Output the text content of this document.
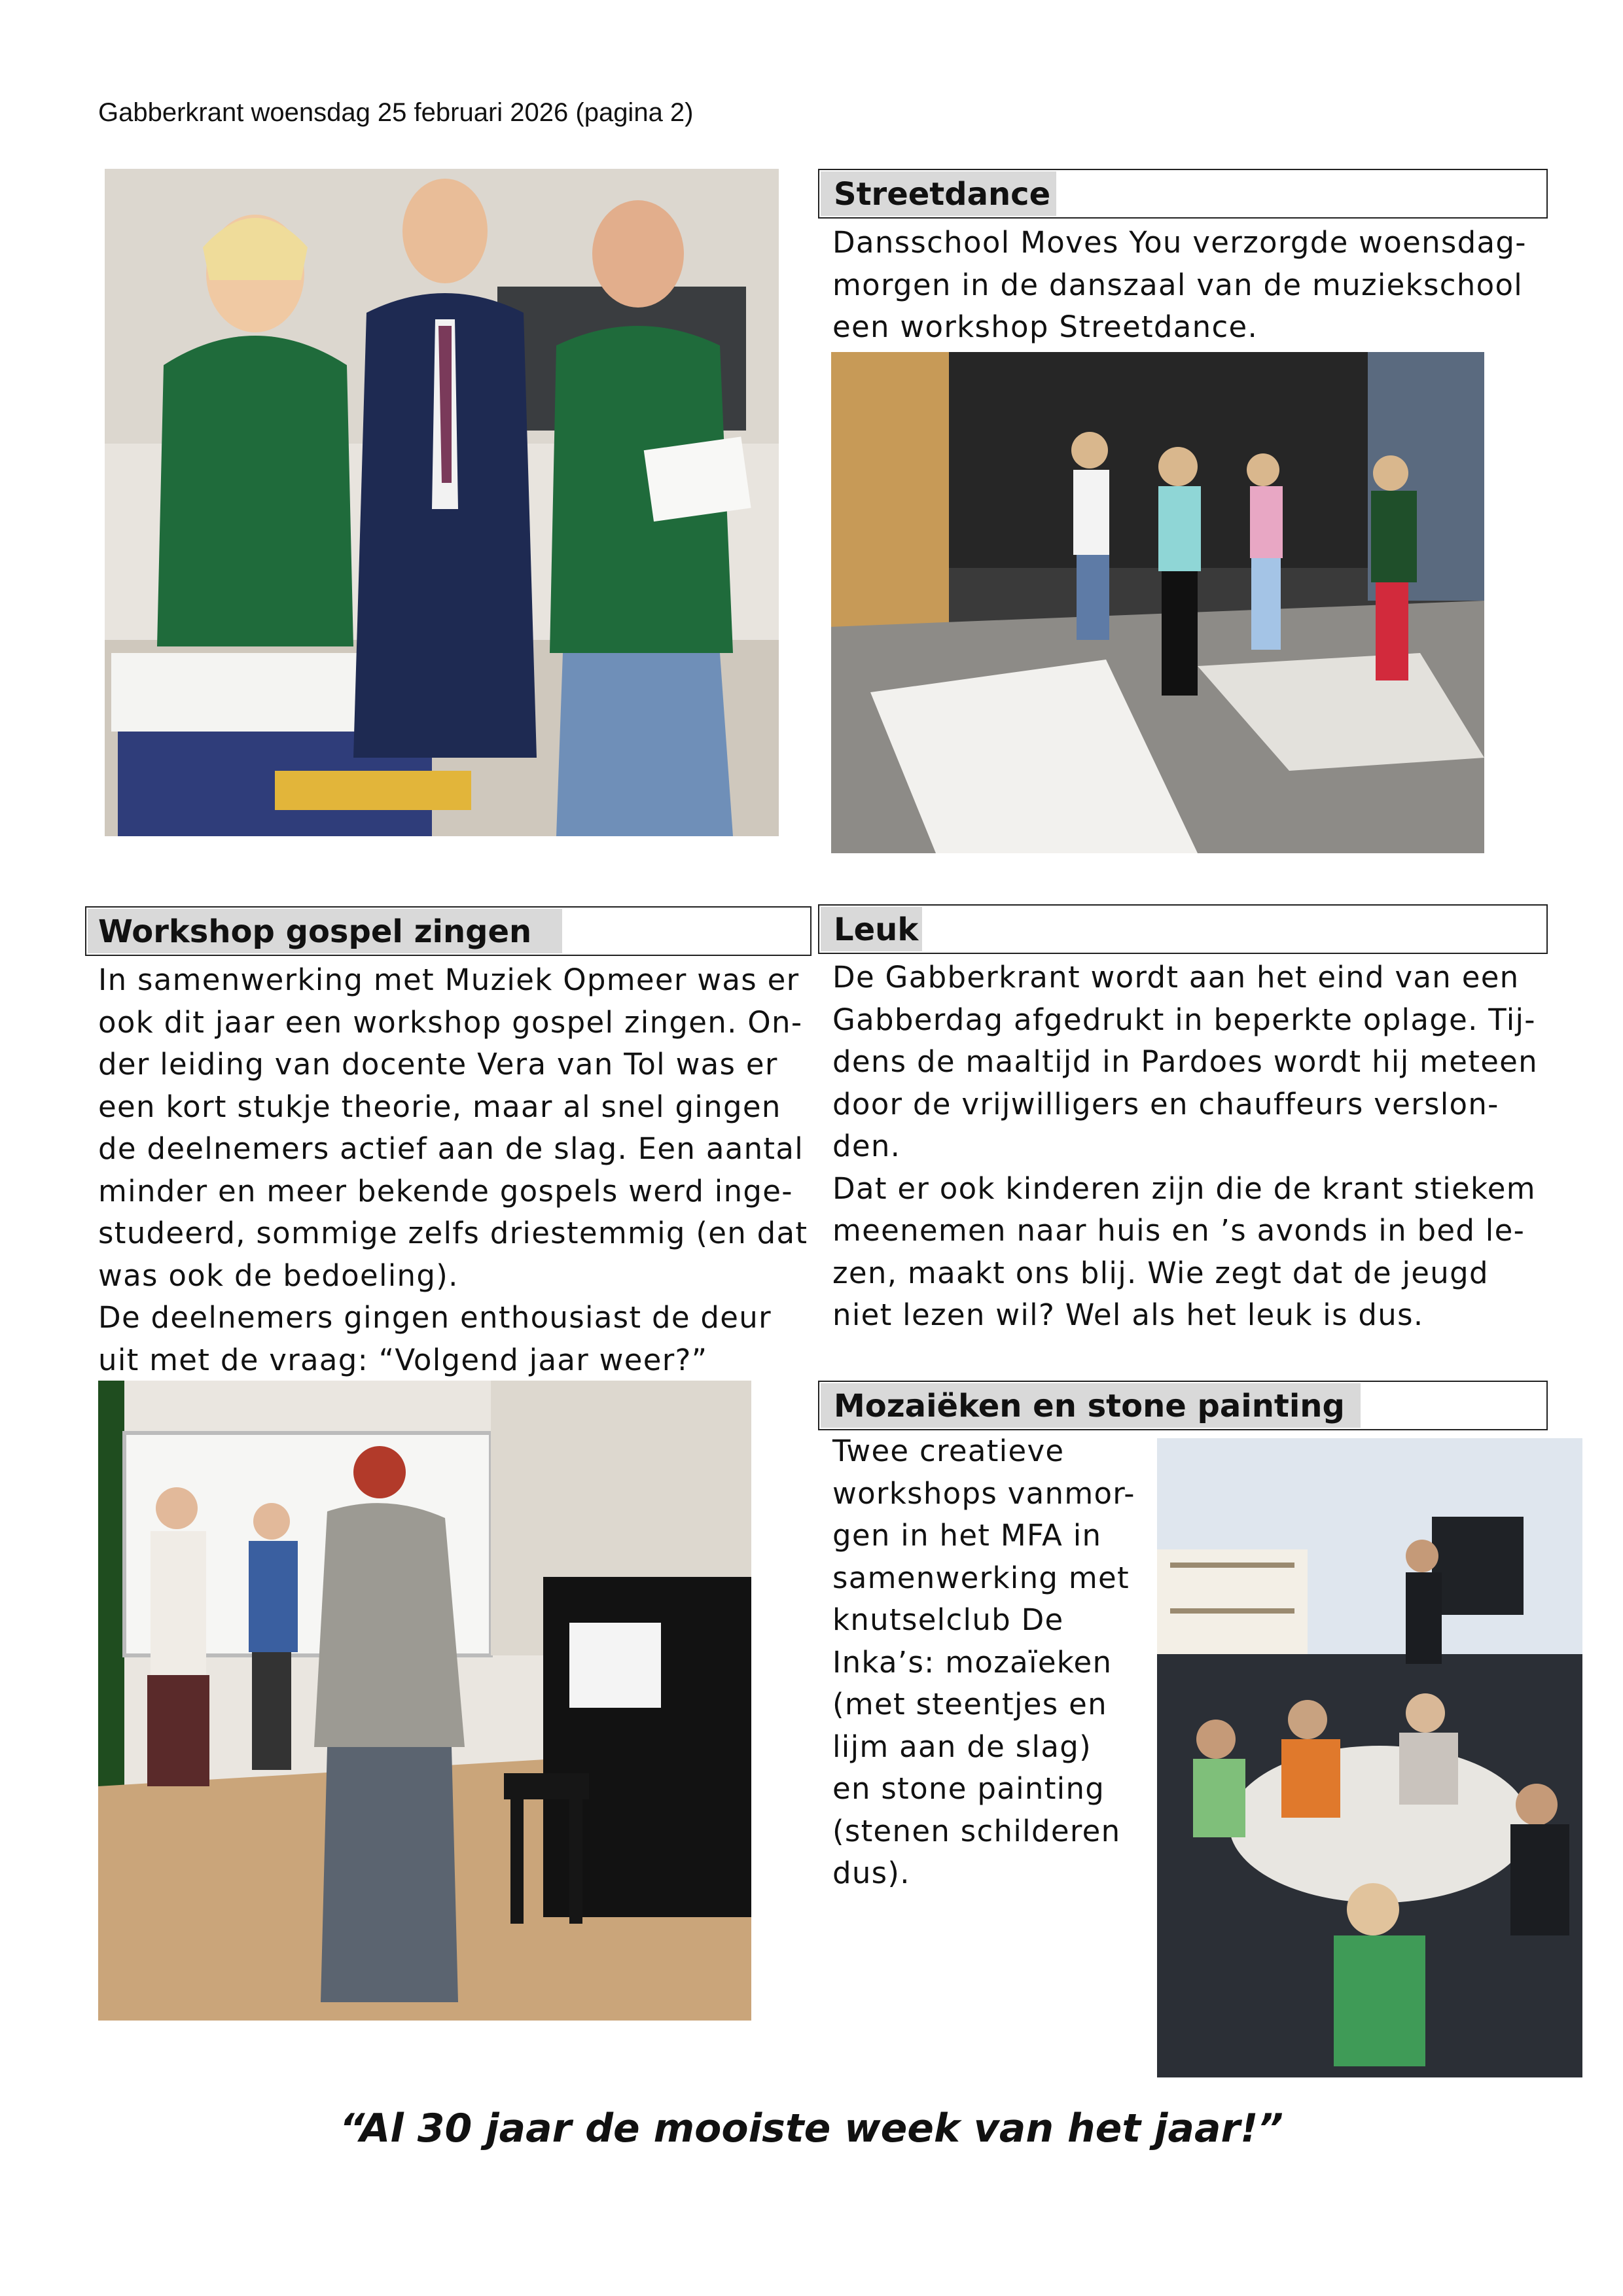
Gabberkrant woensdag 25 februari 2026 (pagina 2)
Streetdance
Dansschool Moves You verzorgde woensdag-
morgen in de danszaal van de muziekschool
een workshop Streetdance.
Workshop gospel zingen
In samenwerking met Muziek Opmeer was er
ook dit jaar een workshop gospel zingen. On-
der leiding van docente Vera van Tol was er
een kort stukje theorie, maar al snel gingen
de deelnemers actief aan de slag. Een aantal
minder en meer bekende gospels werd inge-
studeerd, sommige zelfs driestemmig (en dat
was ook de bedoeling).
De deelnemers gingen enthousiast de deur
uit met de vraag: “Volgend jaar weer?”
Leuk
De Gabberkrant wordt aan het eind van een
Gabberdag afgedrukt in beperkte oplage. Tij-
dens de maaltijd in Pardoes wordt hij meteen
door de vrijwilligers en chauffeurs verslon-
den.
Dat er ook kinderen zijn die de krant stiekem
meenemen naar huis en ’s avonds in bed le-
zen, maakt ons blij. Wie zegt dat de jeugd
niet lezen wil? Wel als het leuk is dus.
Mozaiëken en stone painting
Twee creatieve
workshops vanmor-
gen in het MFA in
samenwerking met
knutselclub De
Inka’s: mozaïeken
(met steentjes en
lijm aan de slag)
en stone painting
(stenen schilderen
dus).
“Al 30 jaar de mooiste week van het jaar!”
